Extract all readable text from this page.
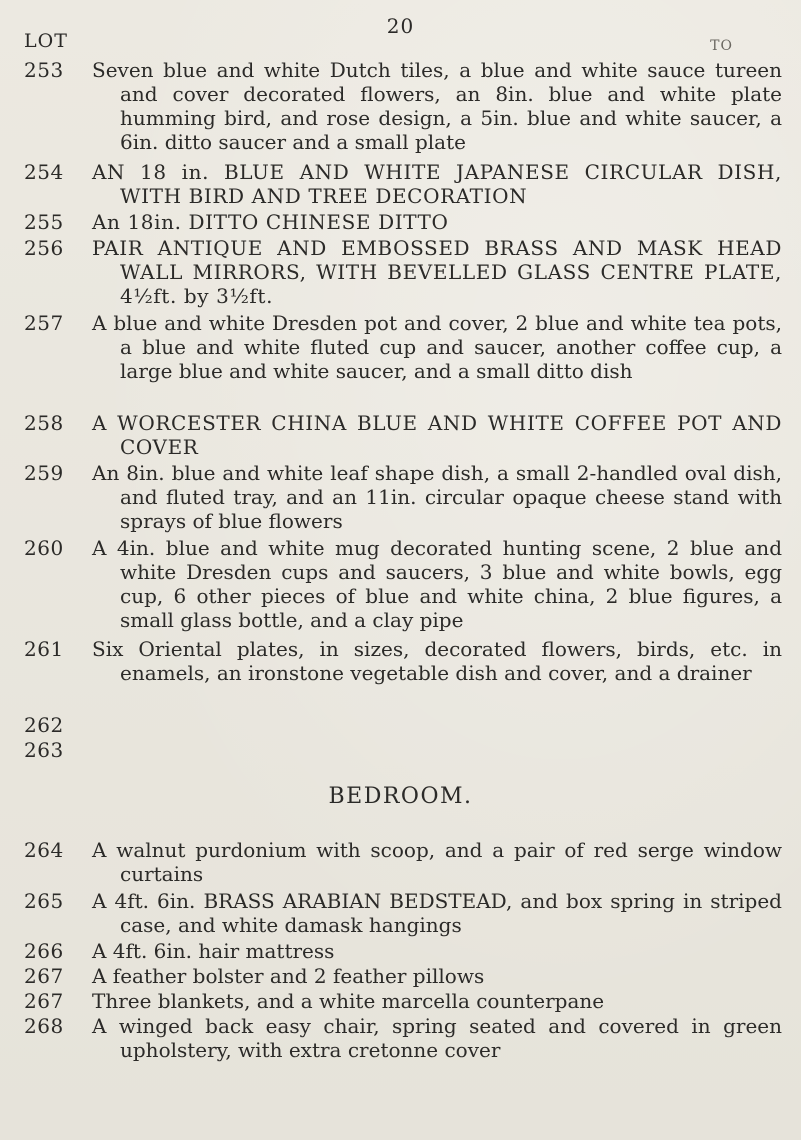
20
LOT	TO
253	Seven blue and white Dutch tiles, a blue and white sauce tureen and cover decorated flowers, an 8in. blue and white plate humming bird, and rose design, a 5in. blue and white saucer, a 6in. ditto saucer and a small plate
254	AN 18 in. BLUE AND WHITE JAPANESE CIRCULAR DISH, WITH BIRD AND TREE DECORATION
255	An 18in. DITTO CHINESE DITTO
256	PAIR ANTIQUE AND EMBOSSED BRASS AND MASK HEAD WALL MIRRORS, WITH BEVELLED GLASS CENTRE PLATE, 4½ft. by 3½ft.
257	A blue and white Dresden pot and cover, 2 blue and white tea pots, a blue and white fluted cup and saucer, another coffee cup, a large blue and white saucer, and a small ditto dish
258	A WORCESTER CHINA BLUE AND WHITE COFFEE POT AND COVER
259	An 8in. blue and white leaf shape dish, a small 2-handled oval dish, and fluted tray, and an 11in. circular opaque cheese stand with sprays of blue flowers
260	A 4in. blue and white mug decorated hunting scene, 2 blue and white Dresden cups and saucers, 3 blue and white bowls, egg cup, 6 other pieces of blue and white china, 2 blue figures, a small glass bottle, and a clay pipe
261	Six Oriental plates, in sizes, decorated flowers, birds, etc. in enamels, an ironstone vegetable dish and cover, and a drainer
262
263
BEDROOM.
264	A walnut purdonium with scoop, and a pair of red serge window curtains
265	A 4ft. 6in. BRASS ARABIAN BEDSTEAD, and box spring in striped case, and white damask hangings
266	A 4ft. 6in. hair mattress
267	A feather bolster and 2 feather pillows
267	Three blankets, and a white marcella counterpane
268	A winged back easy chair, spring seated and covered in green upholstery, with extra cretonne cover
